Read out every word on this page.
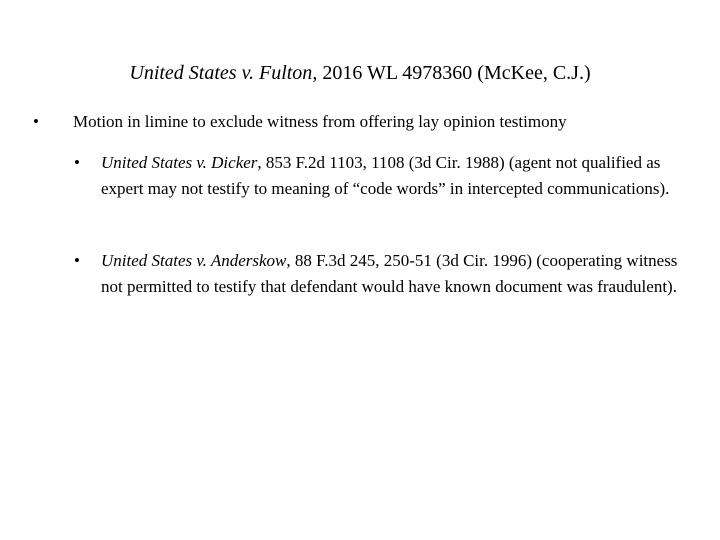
United States v. Fulton, 2016 WL 4978360 (McKee, C.J.)
•	Motion in limine to exclude witness from offering lay opinion testimony
•	United States v. Dicker, 853 F.2d 1103, 1108 (3d Cir. 1988) (agent not qualified as expert may not testify to meaning of “code words” in intercepted communications).
•	United States v. Anderskow, 88 F.3d 245, 250-51 (3d Cir. 1996) (cooperating witness not permitted to testify that defendant would have known document was fraudulent).
